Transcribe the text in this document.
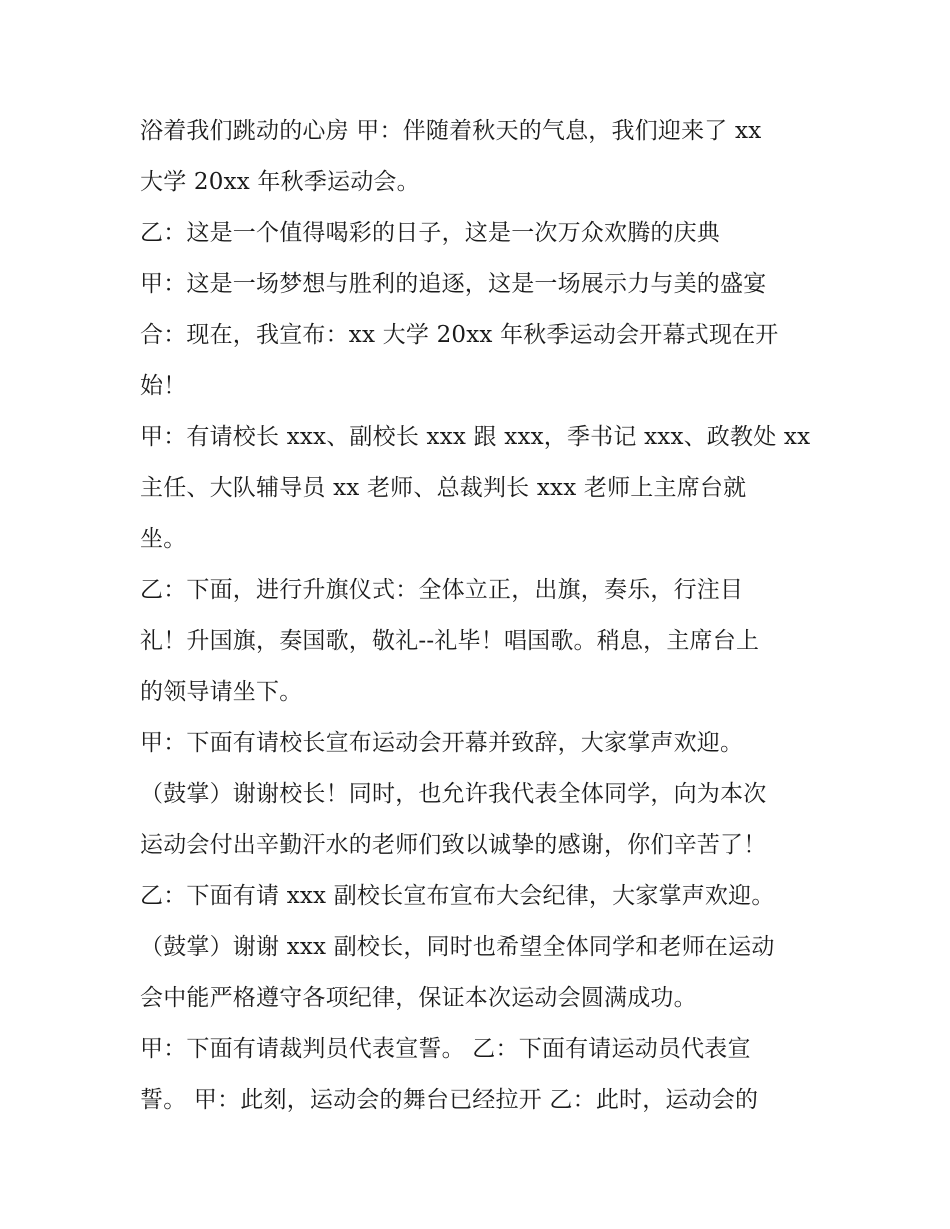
浴着我们跳动的心房 甲：伴随着秋天的气息，我们迎来了 xx
大学 20xx 年秋季运动会。
乙：这是一个值得喝彩的日子，这是一次万众欢腾的庆典
甲：这是一场梦想与胜利的追逐，这是一场展示力与美的盛宴
合：现在，我宣布：xx 大学 20xx 年秋季运动会开幕式现在开
始！
甲：有请校长 xxx、副校长 xxx 跟 xxx，季书记 xxx、政教处 xx
主任、大队辅导员 xx 老师、总裁判长 xxx 老师上主席台就
坐。
乙：下面，进行升旗仪式：全体立正，出旗，奏乐，行注目
礼！升国旗，奏国歌，敬礼--礼毕！唱国歌。稍息，主席台上
的领导请坐下。
甲：下面有请校长宣布运动会开幕并致辞，大家掌声欢迎。
（鼓掌）谢谢校长！同时，也允许我代表全体同学，向为本次
运动会付出辛勤汗水的老师们致以诚挚的感谢，你们辛苦了！
乙：下面有请 xxx 副校长宣布宣布大会纪律，大家掌声欢迎。
（鼓掌）谢谢 xxx 副校长，同时也希望全体同学和老师在运动
会中能严格遵守各项纪律，保证本次运动会圆满成功。
甲：下面有请裁判员代表宣誓。 乙：下面有请运动员代表宣
誓。 甲：此刻，运动会的舞台已经拉开 乙：此时，运动会的
